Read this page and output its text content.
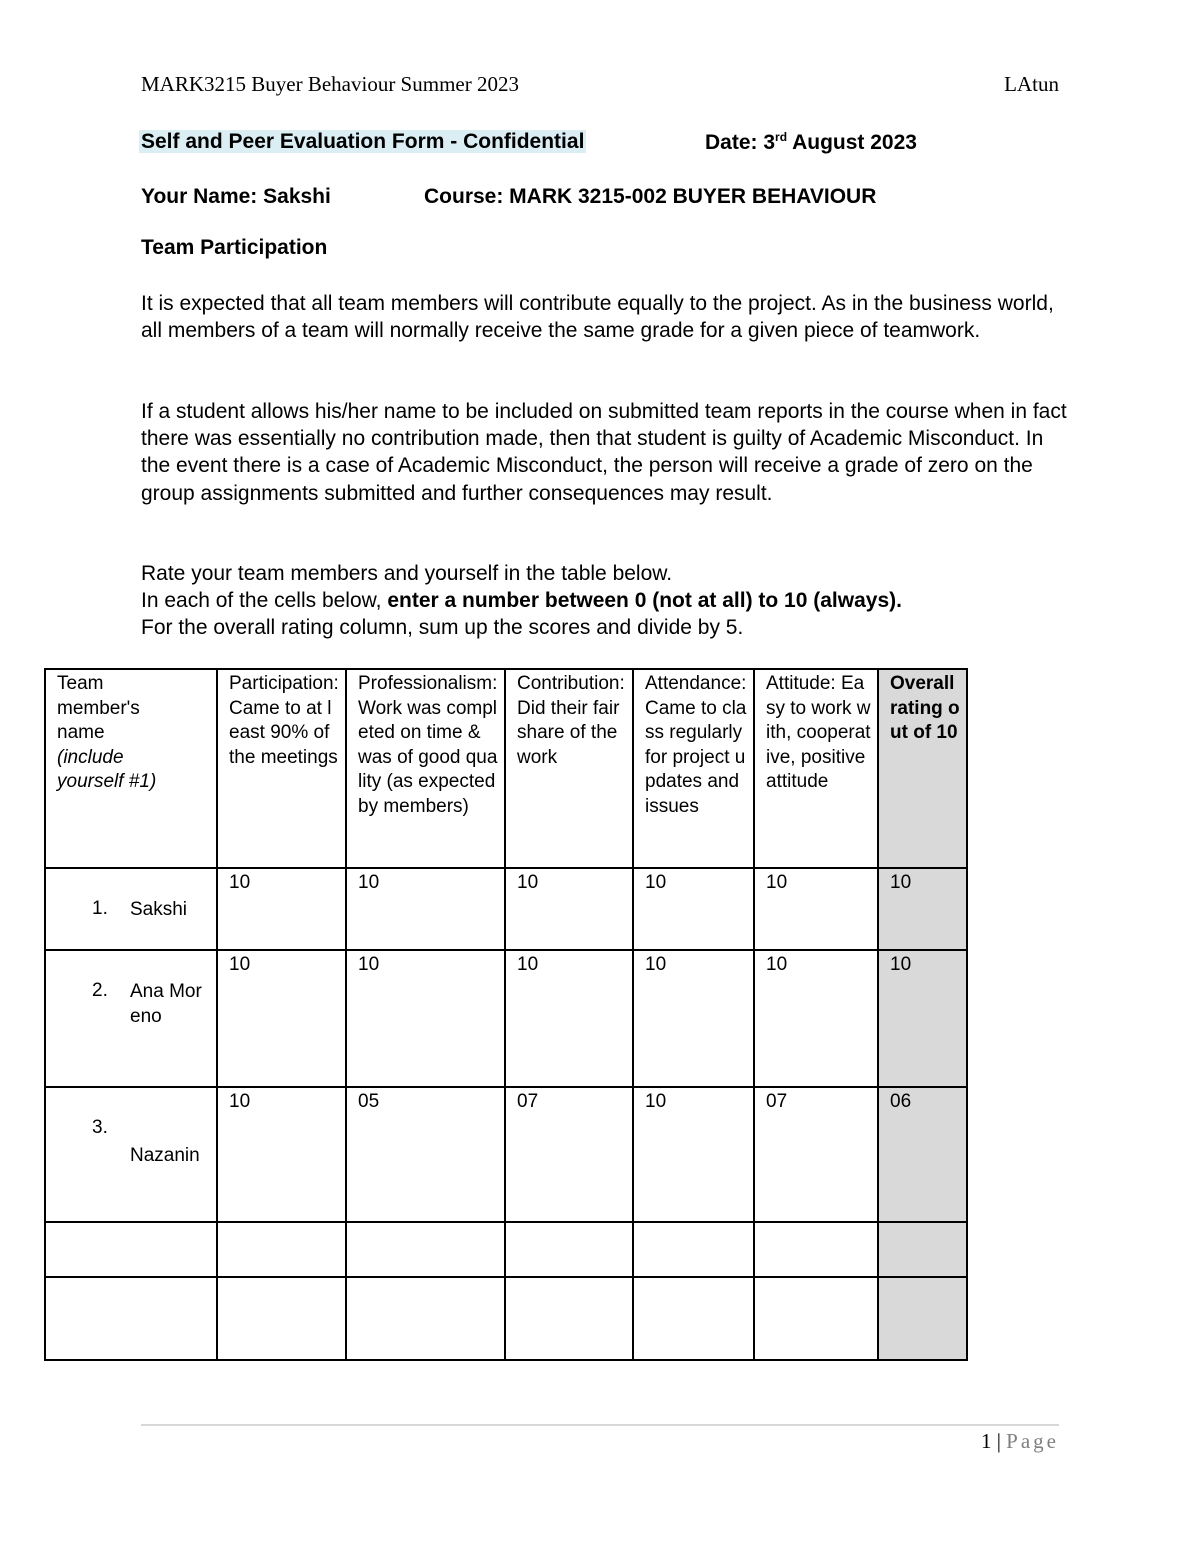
MARK3215 Buyer Behaviour Summer 2023	LAtun
Self and Peer Evaluation Form - Confidential	Date: 3rd August 2023
Your Name: Sakshi	Course: MARK 3215-002 BUYER BEHAVIOUR
Team Participation
It is expected that all team members will contribute equally to the project. As in the business world, all members of a team will normally receive the same grade for a given piece of teamwork.
If a student allows his/her name to be included on submitted team reports in the course when in fact there was essentially no contribution made, then that student is guilty of Academic Misconduct. In the event there is a case of Academic Misconduct, the person will receive a grade of zero on the group assignments submitted and further consequences may result.
Rate your team members and yourself in the table below.
In each of the cells below, enter a number between 0 (not at all) to 10 (always).
For the overall rating column, sum up the scores and divide by 5.
Team member's name
(include yourself #1)	Participation: Came to at least 90% of the meetings	Professionalism: Work was completed on time & was of good quality (as expected by members)	Contribution: Did their fair share of the work	Attendance: Came to class regularly for project updates and issues	Attitude: Easy to work with, cooperative, positive attitude	Overall rating out of 10

1. Sakshi	10	10	10	10	10	10

2. Ana Moreno	10	10	10	10	10	10

3.
Nazanin	10	05	07	10	07	06

1 | Page
